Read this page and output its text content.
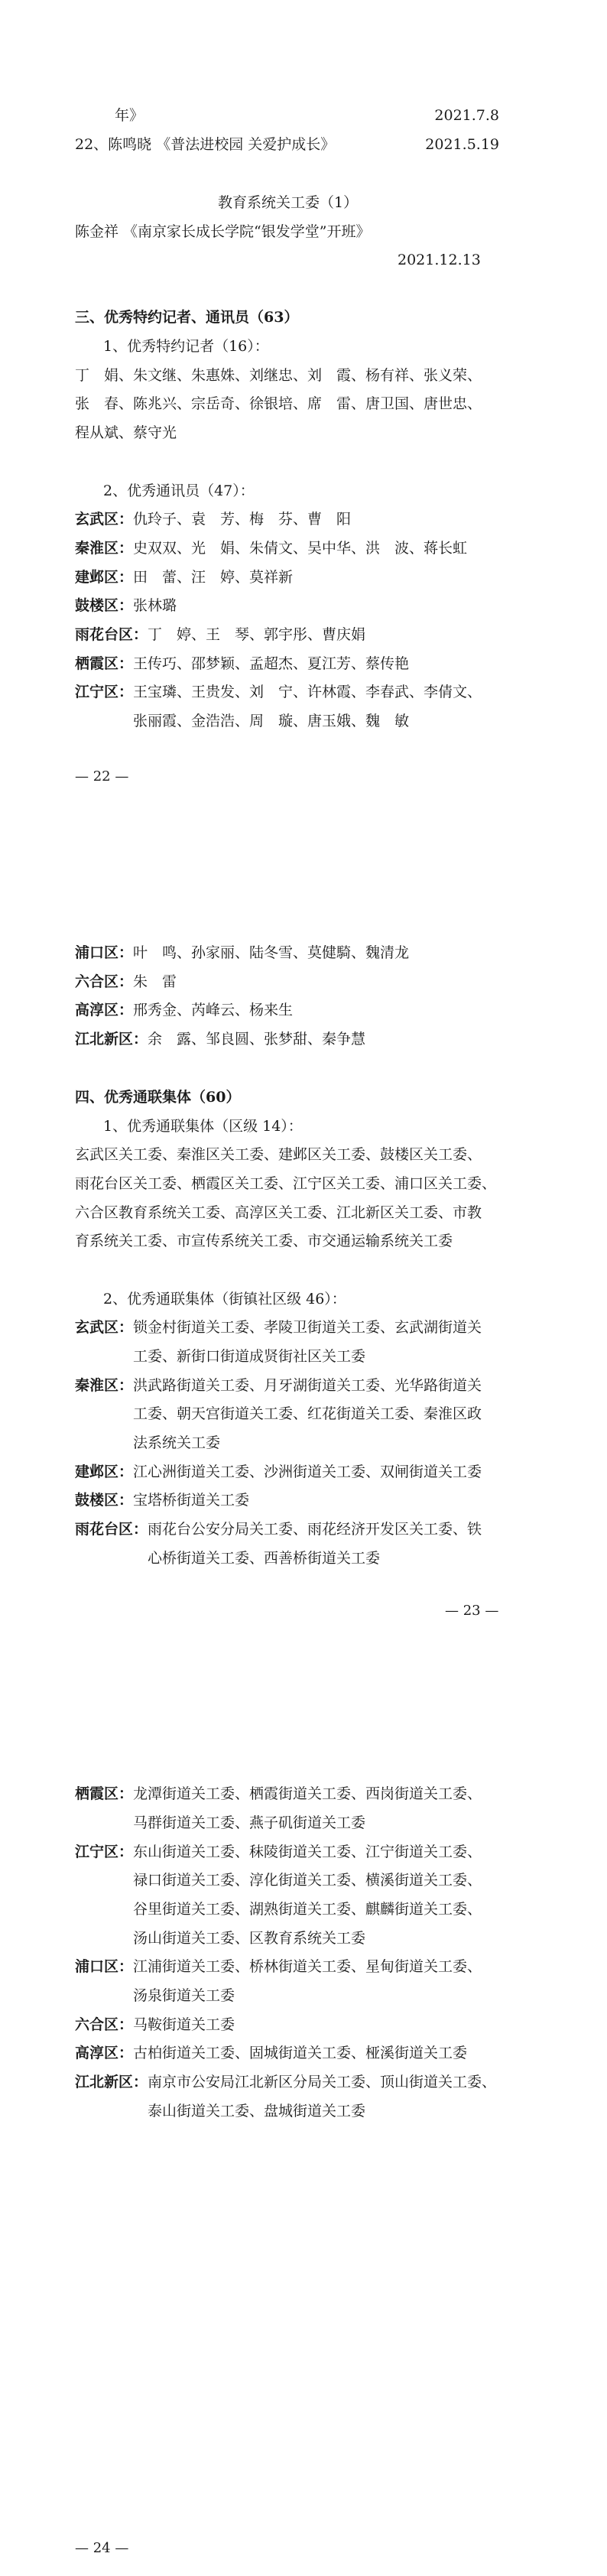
年》	2021.7.8
22、陈鸣晓 《普法进校园 关爱护成长》	2021.5.19
教育系统关工委（1）
陈金祥 《南京家长成长学院“银发学堂”开班》
2021.12.13
三、优秀特约记者、通讯员（63）
1、优秀特约记者（16）：
丁　娟、朱文继、朱惠姝、刘继忠、刘　霞、杨有祥、张义荣、
张　春、陈兆兴、宗岳奇、徐银培、席　雷、唐卫国、唐世忠、
程从斌、蔡守光
2、优秀通讯员（47）：
玄武区：仇玲子、袁　芳、梅　芬、曹　阳
秦淮区：史双双、光　娟、朱倩文、吴中华、洪　波、蒋长虹
建邺区：田　蕾、汪　婷、莫祥新
鼓楼区：张林璐
雨花台区：丁　婷、王　琴、郭宇彤、曹庆娟
栖霞区：王传巧、邵梦颖、孟超杰、夏江芳、蔡传艳
江宁区：王宝璘、王贵发、刘　宁、许林霞、李春武、李倩文、
张丽霞、金浩浩、周　璇、唐玉娥、魏　敏
— 22 —
浦口区：叶　鸣、孙家丽、陆冬雪、莫健騎、魏清龙
六合区：朱　雷
高淳区：邢秀金、芮峰云、杨来生
江北新区：余　露、邹良圆、张梦甜、秦争慧
四、优秀通联集体（60）
1、优秀通联集体（区级 14）：
玄武区关工委、秦淮区关工委、建邺区关工委、鼓楼区关工委、
雨花台区关工委、栖霞区关工委、江宁区关工委、浦口区关工委、
六合区教育系统关工委、高淳区关工委、江北新区关工委、市教
育系统关工委、市宣传系统关工委、市交通运输系统关工委
2、优秀通联集体（街镇社区级 46）：
玄武区：锁金村街道关工委、孝陵卫街道关工委、玄武湖街道关
工委、新街口街道成贤街社区关工委
秦淮区：洪武路街道关工委、月牙湖街道关工委、光华路街道关
工委、朝天宫街道关工委、红花街道关工委、秦淮区政
法系统关工委
建邺区：江心洲街道关工委、沙洲街道关工委、双闸街道关工委
鼓楼区：宝塔桥街道关工委
雨花台区：雨花台公安分局关工委、雨花经济开发区关工委、铁
心桥街道关工委、西善桥街道关工委
— 23 —
栖霞区：龙潭街道关工委、栖霞街道关工委、西岗街道关工委、
马群街道关工委、燕子矶街道关工委
江宁区：东山街道关工委、秣陵街道关工委、江宁街道关工委、
禄口街道关工委、淳化街道关工委、横溪街道关工委、
谷里街道关工委、湖熟街道关工委、麒麟街道关工委、
汤山街道关工委、区教育系统关工委
浦口区：江浦街道关工委、桥林街道关工委、星甸街道关工委、
汤泉街道关工委
六合区：马鞍街道关工委
高淳区：古柏街道关工委、固城街道关工委、桠溪街道关工委
江北新区：南京市公安局江北新区分局关工委、顶山街道关工委、
泰山街道关工委、盘城街道关工委
— 24 —
